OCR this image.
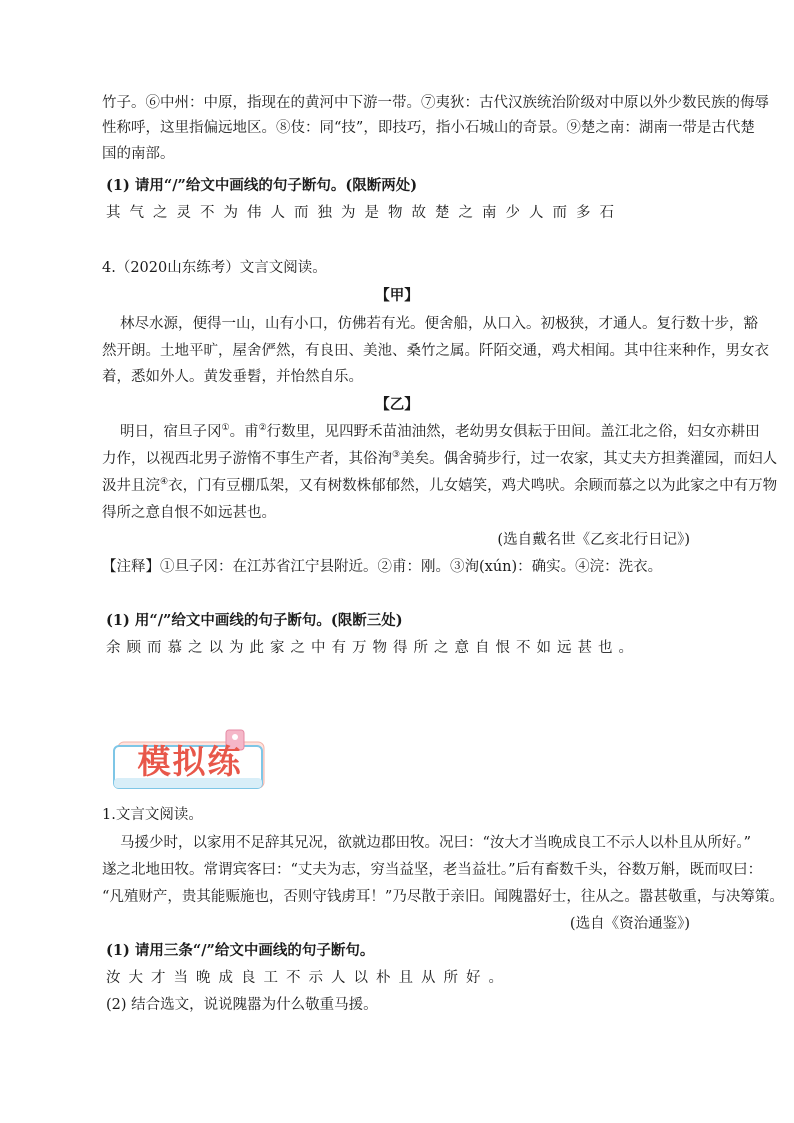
竹子。⑥中州：中原，指现在的黄河中下游一带。⑦夷狄：古代汉族统治阶级对中原以外少数民族的侮辱
性称呼，这里指偏远地区。⑧伎：同“技”，即技巧，指小石城山的奇景。⑨楚之南：湖南一带是古代楚
国的南部。
(1) 请用“/”给文中画线的句子断句。(限断两处)
其气之灵不为伟人而独为是物故楚之南少人而多石
4.（2020山东练考）文言文阅读。
【甲】
林尽水源，便得一山，山有小口，仿佛若有光。便舍船，从口入。初极狭，才通人。复行数十步，豁
然开朗。土地平旷，屋舍俨然，有良田、美池、桑竹之属。阡陌交通，鸡犬相闻。其中往来种作，男女衣
着，悉如外人。黄发垂髫，并怡然自乐。
【乙】
明日，宿旦子冈①。甫②行数里，见四野禾苗油油然，老幼男女俱耘于田间。盖江北之俗，妇女亦耕田
力作，以视西北男子游惰不事生产者，其俗洵③美矣。偶舍骑步行，过一农家，其丈夫方担粪灌园，而妇人
汲井且浣④衣，门有豆棚瓜架，又有树数株郁郁然，儿女嬉笑，鸡犬鸣吠。余顾而慕之以为此家之中有万物
得所之意自恨不如远甚也。
(选自戴名世《乙亥北行日记》)
【注释】①旦子冈：在江苏省江宁县附近。②甫：刚。③洵(xún)：确实。④浣：洗衣。
(1) 用“/”给文中画线的句子断句。(限断三处)
余顾而慕之以为此家之中有万物得所之意自恨不如远甚也。
模拟练
1.文言文阅读。
马援少时，以家用不足辞其兄况，欲就边郡田牧。况曰：“汝大才当晚成良工不示人以朴且从所好。”
遂之北地田牧。常谓宾客曰：“丈夫为志，穷当益坚，老当益壮。”后有畜数千头，谷数万斛，既而叹曰：
“凡殖财产，贵其能赈施也，否则守钱虏耳！”乃尽散于亲旧。闻隗嚣好士，往从之。嚣甚敬重，与决筹策。
(选自《资治通鉴》)
(1) 请用三条“/”给文中画线的句子断句。
汝大才当晚成良工不示人以朴且从所好。
(2) 结合选文，说说隗嚣为什么敬重马援。
